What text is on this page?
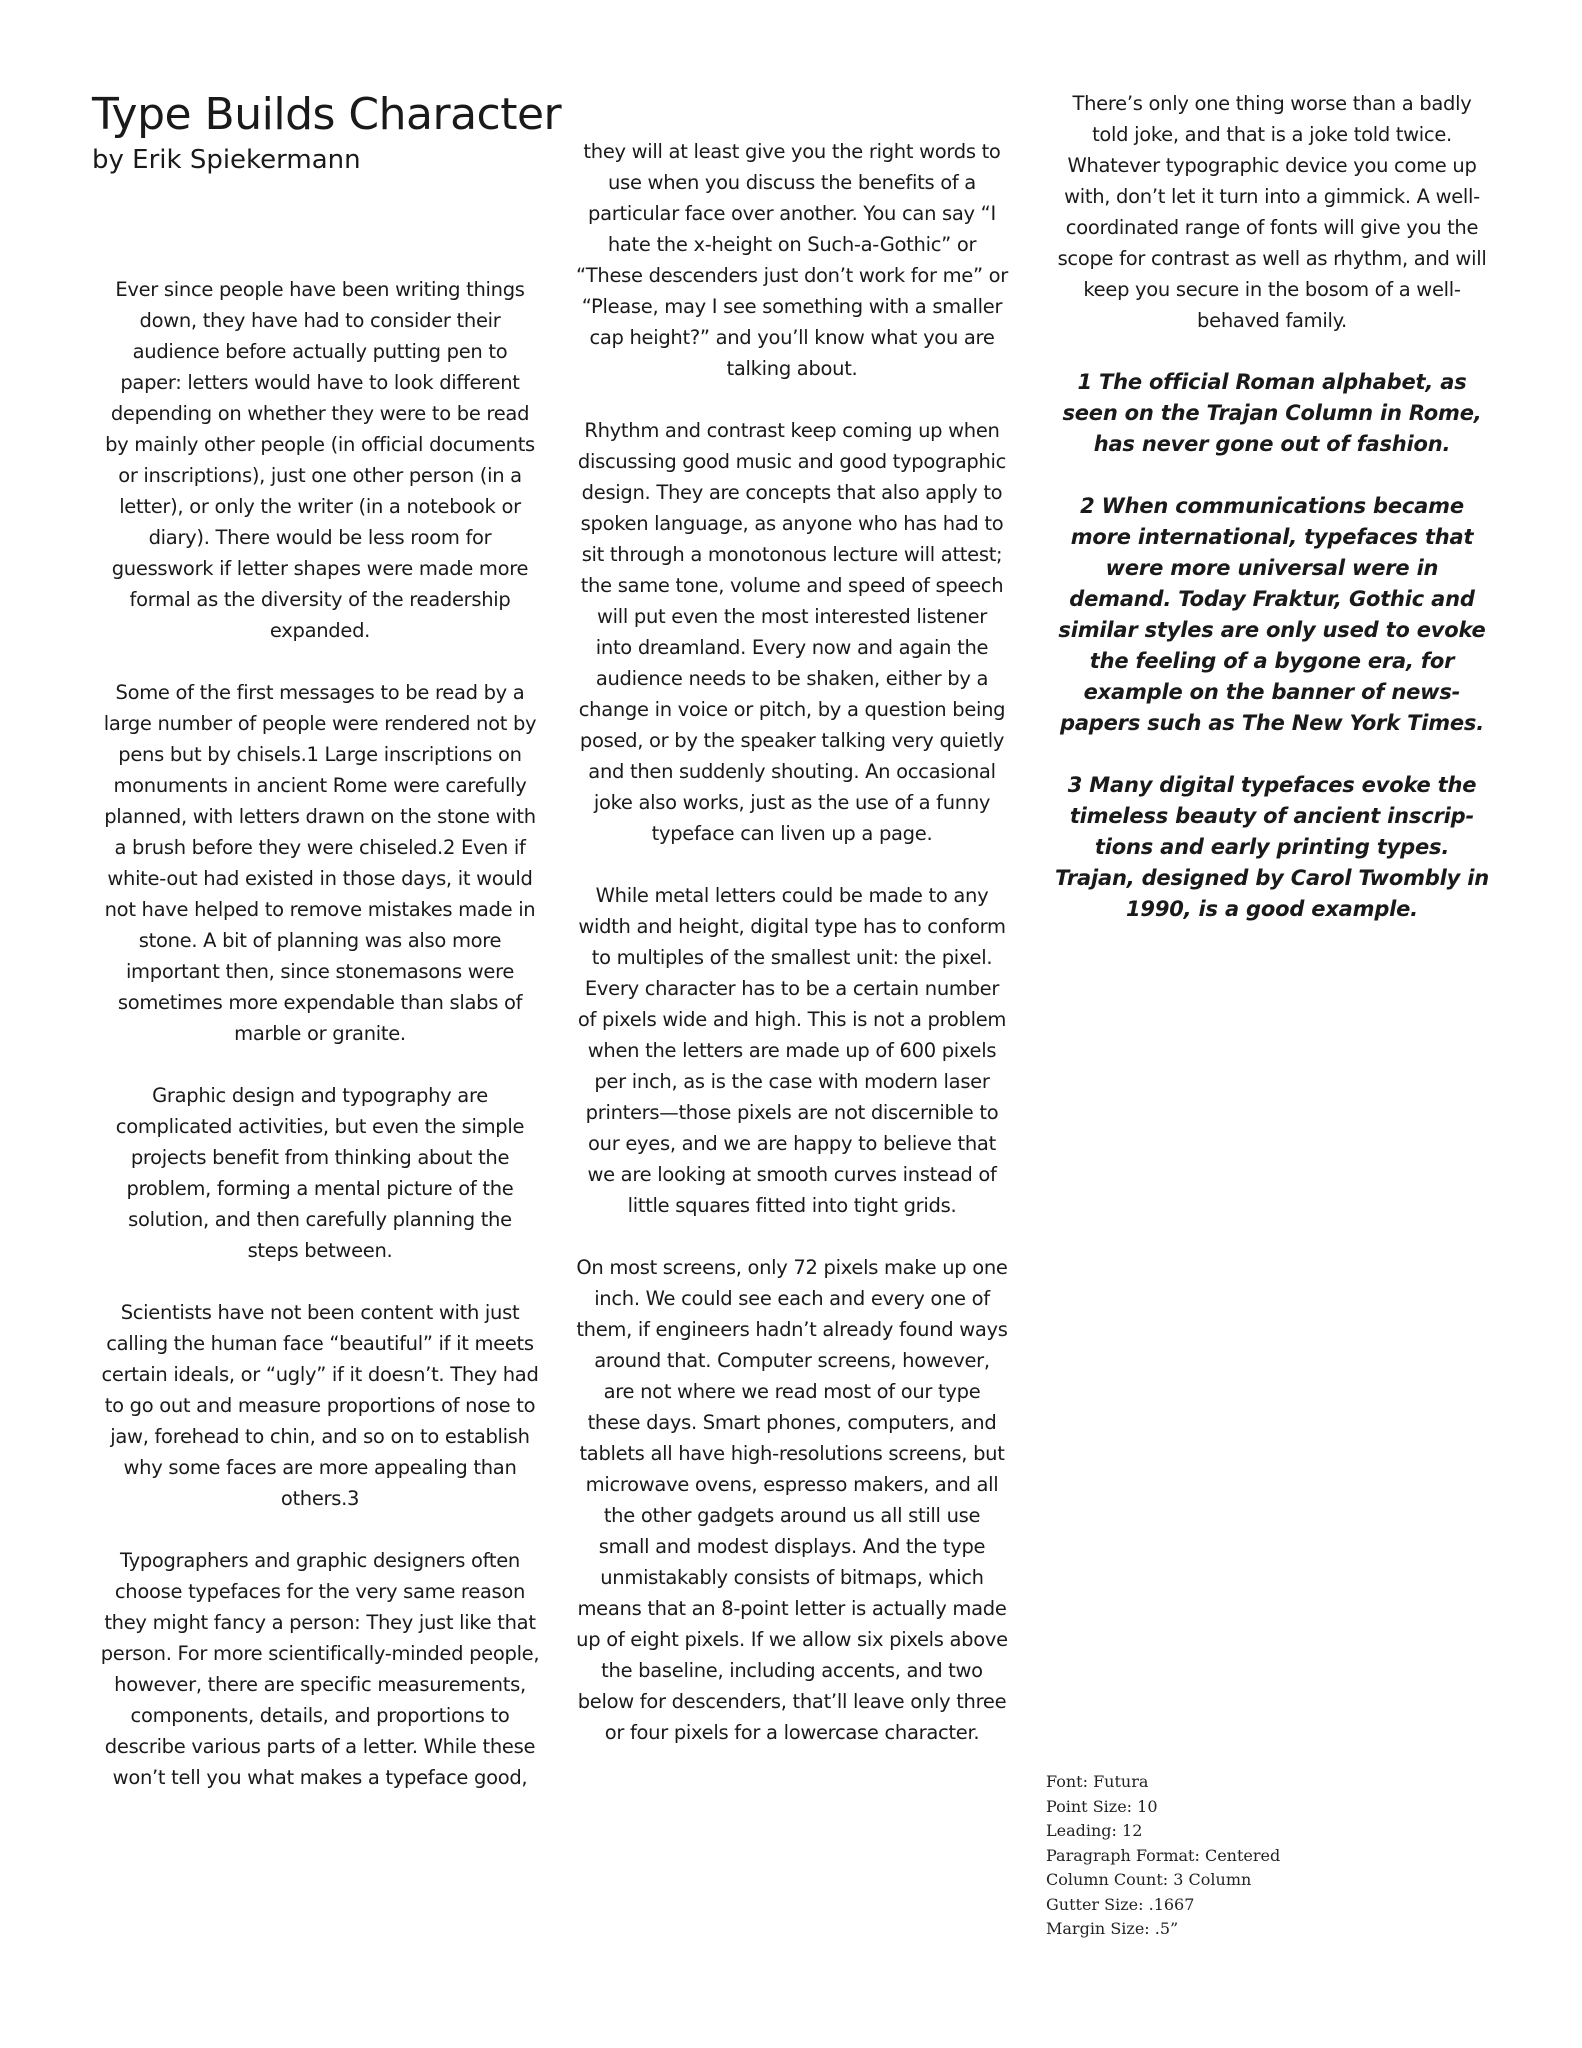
Type Builds Character

by Erik Spiekermann

Ever since people have been writing things down, they have had to consider their audience before actually putting pen to paper: letters would have to look different depending on whether they were to be read by mainly other people (in official documents or inscriptions), just one other person (in a letter), or only the writer (in a notebook or diary). There would be less room for guesswork if letter shapes were made more formal as the diversity of the readership expanded.

Some of the first messages to be read by a large number of people were rendered not by pens but by chisels.1 Large inscriptions on monuments in ancient Rome were carefully planned, with letters drawn on the stone with a brush before they were chiseled.2 Even if white-out had existed in those days, it would not have helped to remove mistakes made in stone. A bit of planning was also more important then, since stonemasons were sometimes more expendable than slabs of marble or granite.

Graphic design and typography are complicated activities, but even the simple projects benefit from thinking about the problem, forming a mental picture of the solution, and then carefully planning the steps between.

Scientists have not been content with just calling the human face “beautiful” if it meets certain ideals, or “ugly” if it doesn’t. They had to go out and measure proportions of nose to jaw, forehead to chin, and so on to establish why some faces are more appealing than others.3

Typographers and graphic designers often choose typefaces for the very same reason they might fancy a person: They just like that person. For more scientifically-minded people, however, there are specific measurements, components, details, and proportions to describe various parts of a letter. While these won’t tell you what makes a typeface good,

they will at least give you the right words to use when you discuss the benefits of a particular face over another. You can say “I hate the x-height on Such-a-Gothic” or “These descenders just don’t work for me” or “Please, may I see something with a smaller cap height?” and you’ll know what you are talking about.

Rhythm and contrast keep coming up when discussing good music and good typographic design. They are concepts that also apply to spoken language, as anyone who has had to sit through a monotonous lecture will attest; the same tone, volume and speed of speech will put even the most interested listener into dreamland. Every now and again the audience needs to be shaken, either by a change in voice or pitch, by a question being posed, or by the speaker talking very quietly and then suddenly shouting. An occasional joke also works, just as the use of a funny typeface can liven up a page.

While metal letters could be made to any width and height, digital type has to conform to multiples of the smallest unit: the pixel. Every character has to be a certain number of pixels wide and high. This is not a problem when the letters are made up of 600 pixels per inch, as is the case with modern laser printers—those pixels are not discernible to our eyes, and we are happy to believe that we are looking at smooth curves instead of little squares fitted into tight grids.

On most screens, only 72 pixels make up one inch. We could see each and every one of them, if engineers hadn’t already found ways around that. Computer screens, however, are not where we read most of our type these days. Smart phones, computers, and tablets all have high-resolutions screens, but microwave ovens, espresso makers, and all the other gadgets around us all still use small and modest displays. And the type unmistakably consists of bitmaps, which means that an 8-point letter is actually made up of eight pixels. If we allow six pixels above the baseline, including accents, and two below for descenders, that’ll leave only three or four pixels for a lowercase character.

There’s only one thing worse than a badly told joke, and that is a joke told twice. Whatever typographic device you come up with, don’t let it turn into a gimmick. A well-coordinated range of fonts will give you the scope for contrast as well as rhythm, and will keep you secure in the bosom of a well-behaved family.

1 The official Roman alphabet, as seen on the Trajan Column in Rome, has never gone out of fashion.

2 When communications became more international, typefaces that were more universal were in demand. Today Fraktur, Gothic and similar styles are only used to evoke the feeling of a bygone era, for example on the banner of newspapers such as The New York Times.

3 Many digital typefaces evoke the timeless beauty of ancient inscriptions and early printing types. Trajan, designed by Carol Twombly in 1990, is a good example.

Font: Futura
Point Size: 10
Leading: 12
Paragraph Format: Centered
Column Count: 3 Column
Gutter Size: .1667
Margin Size: .5”
